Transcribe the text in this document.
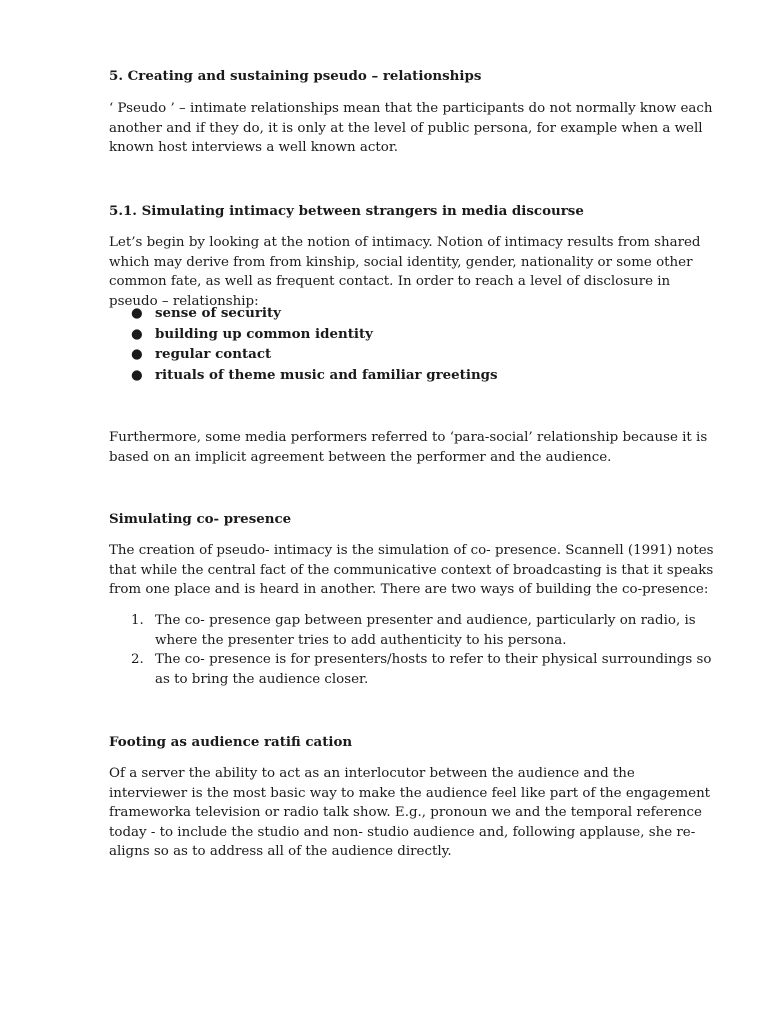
5. Creating and sustaining pseudo – relationships

‘ Pseudo ’ – intimate relationships mean that the participants do not normally know each another and if they do, it is only at the level of public persona, for example when a well known host interviews a well known actor.

5.1. Simulating intimacy between strangers in media discourse

Let’s begin by looking at the notion of intimacy. Notion of intimacy results from shared which may derive from from kinship, social identity, gender, nationality or some other common fate, as well as frequent contact. In order to reach a level of disclosure in pseudo – relationship:

● sense of security
● building up common identity
● regular contact
● rituals of theme music and familiar greetings

Furthermore, some media performers referred to ‘para-social’ relationship because it is based on an implicit agreement between the performer and the audience.

Simulating co- presence

The creation of pseudo- intimacy is the simulation of co- presence. Scannell (1991) notes that while the central fact of the communicative context of broadcasting is that it speaks from one place and is heard in another. There are two ways of building the co-presence:

1. The co- presence gap between presenter and audience, particularly on radio, is where the presenter tries to add authenticity to his persona.
2. The co- presence is for presenters/hosts to refer to their physical surroundings so as to bring the audience closer.
Footing as audience ratifi cation

Of a server the ability to act as an interlocutor between the audience and the interviewer is the most basic way to make the audience feel like part of the engagement frameworka television or radio talk show. E.g., pronoun we and the temporal reference today - to include the studio and non- studio audience and, following applause, she re- aligns so as to address all of the audience directly.
